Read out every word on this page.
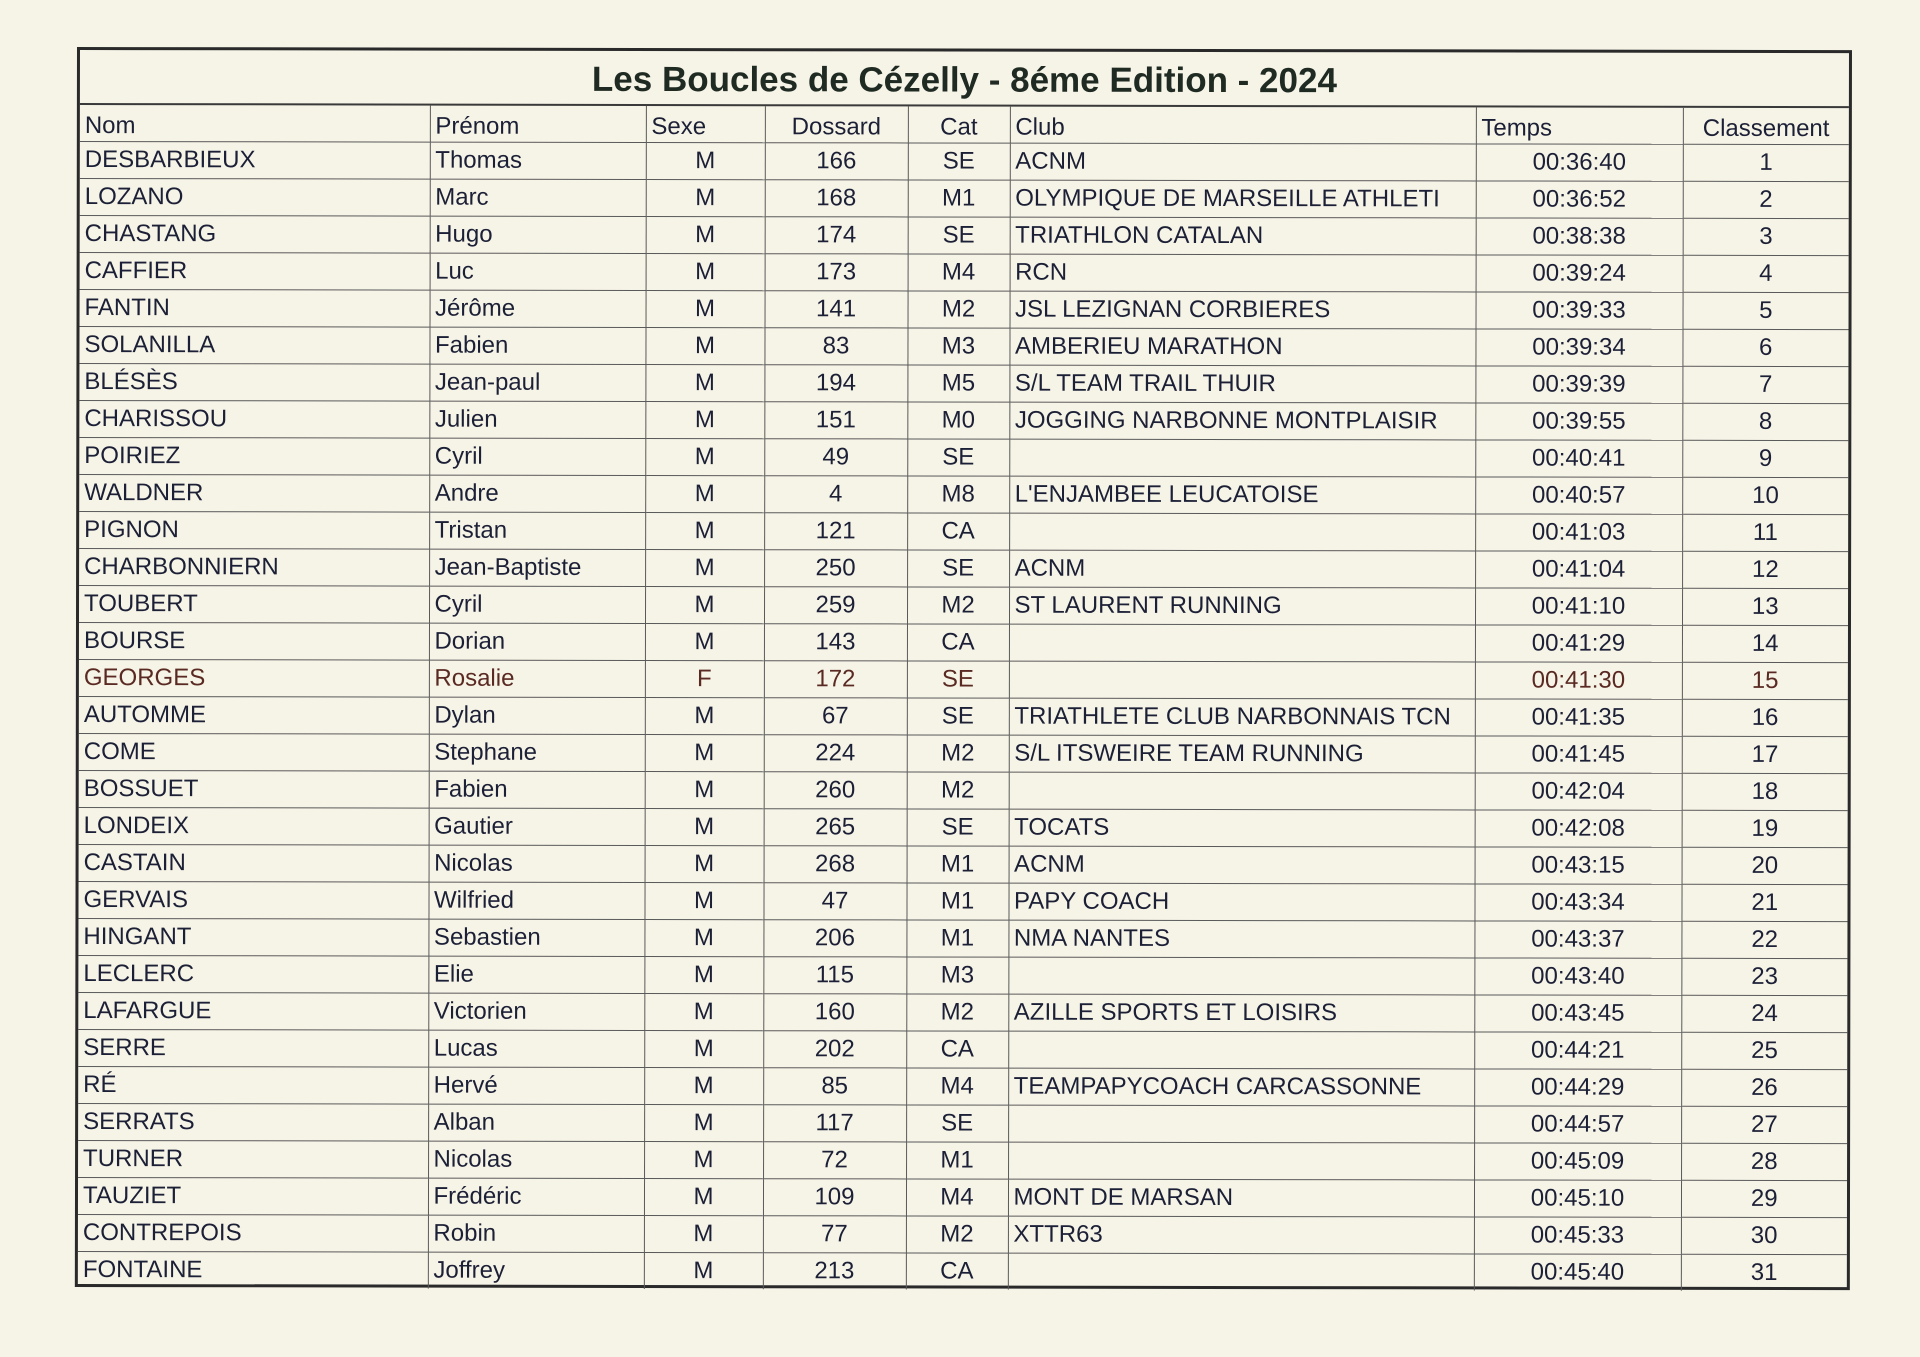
Les Boucles de Cézelly - 8éme Edition - 2024
Nom	Prénom	Sexe	Dossard	Cat	Club	Temps	Classement
DESBARBIEUX	Thomas	M	166	SE	ACNM	00:36:40	1
LOZANO	Marc	M	168	M1	OLYMPIQUE DE MARSEILLE ATHLETI	00:36:52	2
CHASTANG	Hugo	M	174	SE	TRIATHLON CATALAN	00:38:38	3
CAFFIER	Luc	M	173	M4	RCN	00:39:24	4
FANTIN	Jérôme	M	141	M2	JSL LEZIGNAN CORBIERES	00:39:33	5
SOLANILLA	Fabien	M	83	M3	AMBERIEU MARATHON	00:39:34	6
BLÉSÈS	Jean-paul	M	194	M5	S/L TEAM TRAIL THUIR	00:39:39	7
CHARISSOU	Julien	M	151	M0	JOGGING NARBONNE MONTPLAISIR	00:39:55	8
POIRIEZ	Cyril	M	49	SE		00:40:41	9
WALDNER	Andre	M	4	M8	L'ENJAMBEE LEUCATOISE	00:40:57	10
PIGNON	Tristan	M	121	CA		00:41:03	11
CHARBONNIERN	Jean-Baptiste	M	250	SE	ACNM	00:41:04	12
TOUBERT	Cyril	M	259	M2	ST LAURENT RUNNING	00:41:10	13
BOURSE	Dorian	M	143	CA		00:41:29	14
GEORGES	Rosalie	F	172	SE		00:41:30	15
AUTOMME	Dylan	M	67	SE	TRIATHLETE CLUB NARBONNAIS TCN	00:41:35	16
COME	Stephane	M	224	M2	S/L ITSWEIRE TEAM RUNNING	00:41:45	17
BOSSUET	Fabien	M	260	M2		00:42:04	18
LONDEIX	Gautier	M	265	SE	TOCATS	00:42:08	19
CASTAIN	Nicolas	M	268	M1	ACNM	00:43:15	20
GERVAIS	Wilfried	M	47	M1	PAPY COACH	00:43:34	21
HINGANT	Sebastien	M	206	M1	NMA NANTES	00:43:37	22
LECLERC	Elie	M	115	M3		00:43:40	23
LAFARGUE	Victorien	M	160	M2	AZILLE SPORTS ET LOISIRS	00:43:45	24
SERRE	Lucas	M	202	CA		00:44:21	25
RÉ	Hervé	M	85	M4	TEAMPAPYCOACH CARCASSONNE	00:44:29	26
SERRATS	Alban	M	117	SE		00:44:57	27
TURNER	Nicolas	M	72	M1		00:45:09	28
TAUZIET	Frédéric	M	109	M4	MONT DE MARSAN	00:45:10	29
CONTREPOIS	Robin	M	77	M2	XTTR63	00:45:33	30
FONTAINE	Joffrey	M	213	CA		00:45:40	31
